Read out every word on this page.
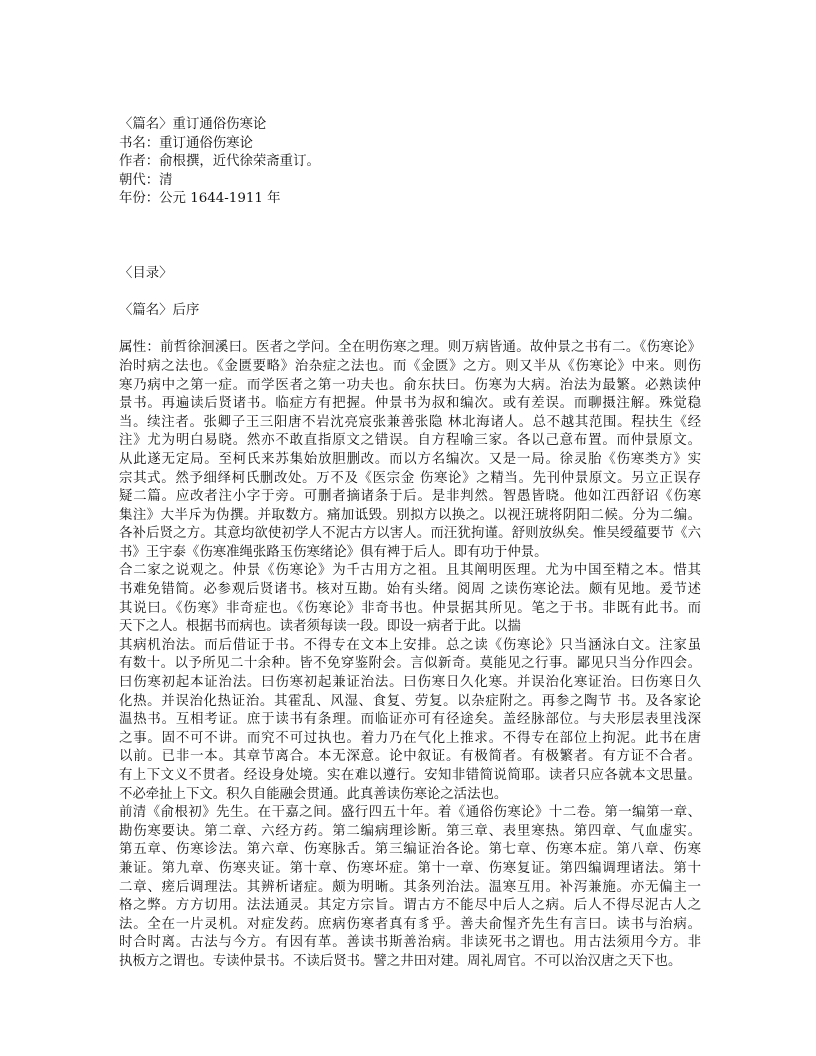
〈篇名〉重订通俗伤寒论
书名：重订通俗伤寒论
作者：俞根撰，近代徐荣斋重订。
朝代：清
年份：公元 1644-1911 年
〈目录〉
〈篇名〉后序
属性：前哲徐洄溪曰。医者之学问。全在明伤寒之理。则万病皆通。故仲景之书有二。《伤寒论》
治时病之法也。《金匮要略》治杂症之法也。而《金匮》之方。则又半从《伤寒论》中来。则伤
寒乃病中之第一症。而学医者之第一功夫也。俞东扶曰。伤寒为大病。治法为最繁。必熟读仲
景书。再遍读后贤诸书。临症方有把握。仲景书为叔和编次。或有差误。而聊摄注解。殊觉稳
当。续注者。张卿子王三阳唐不岩沈亮宸张兼善张隐 林北海诸人。总不越其范围。程扶生《经
注》尤为明白易晓。然亦不敢直指原文之错误。自方程喻三家。各以己意布置。而仲景原文。
从此遂无定局。至柯氏来苏集始放胆删改。而以方名编次。又是一局。徐灵胎《伤寒类方》实
宗其式。然予细绎柯氏删改处。万不及《医宗金 伤寒论》之精当。先刊仲景原文。另立正误存
疑二篇。应改者注小字于旁。可删者摘诸条于后。是非判然。智愚皆晓。他如江西舒诏《伤寒
集注》大半斥为伪撰。并取数方。痛加诋毁。别拟方以换之。以视汪琥将阴阳二候。分为二编。
各补后贤之方。其意均欲使初学人不泥古方以害人。而汪犹拘谨。舒则放纵矣。惟吴绶蕴要节《六
书》王宇泰《伤寒准绳张路玉伤寒绪论》俱有裨于后人。即有功于仲景。
合二家之说观之。仲景《伤寒论》为千古用方之祖。且其阐明医理。尤为中国至精之本。惜其
书难免错简。必参观后贤诸书。核对互勘。始有头绪。阅周 之读伤寒论法。颇有见地。爰节述
其说曰。《伤寒》非奇症也。《伤寒论》非奇书也。仲景据其所见。笔之于书。非既有此书。而
天下之人。根据书而病也。读者须每读一段。即设一病者于此。以揣
其病机治法。而后借证于书。不得专在文本上安排。总之读《伤寒论》只当涵泳白文。注家虽
有数十。以予所见二十余种。皆不免穿鉴附会。言似新奇。莫能见之行事。鄙见只当分作四会。
曰伤寒初起本证治法。曰伤寒初起兼证治法。曰伤寒日久化寒。并误治化寒证治。曰伤寒日久
化热。并误治化热证治。其霍乱、风湿、食复、劳复。以杂症附之。再参之陶节 书。及各家论
温热书。互相考证。庶于读书有条理。而临证亦可有径途矣。盖经脉部位。与夫形层表里浅深
之事。固不可不讲。而究不可过执也。着力乃在气化上推求。不得专在部位上拘泥。此书在唐
以前。已非一本。其章节离合。本无深意。论中叙证。有极简者。有极繁者。有方证不合者。
有上下文义不贯者。经设身处境。实在难以遵行。安知非错简说简耶。读者只应各就本文思量。
不必牵扯上下文。积久自能融会贯通。此真善读伤寒论之活法也。
前清《俞根初》先生。在干嘉之间。盛行四五十年。着《通俗伤寒论》十二卷。第一编第一章、
勘伤寒要诀。第二章、六经方药。第二编病理诊断。第三章、表里寒热。第四章、气血虚实。
第五章、伤寒诊法。第六章、伤寒脉舌。第三编证治各论。第七章、伤寒本症。第八章、伤寒
兼证。第九章、伤寒夹证。第十章、伤寒坏症。第十一章、伤寒复证。第四编调理诸法。第十
二章、瘥后调理法。其辨析诸症。颇为明晰。其条列治法。温寒互用。补泻兼施。亦无偏主一
格之弊。方方切用。法法通灵。其定方宗旨。谓古方不能尽中后人之病。后人不得尽泥古人之
法。全在一片灵机。对症发药。庶病伤寒者真有豸乎。善夫俞惺齐先生有言曰。读书与治病。
时合时离。古法与今方。有因有革。善读书斯善治病。非读死书之谓也。用古法须用今方。非
执板方之谓也。专读仲景书。不读后贤书。譬之井田对建。周礼周官。不可以治汉唐之天下也。
